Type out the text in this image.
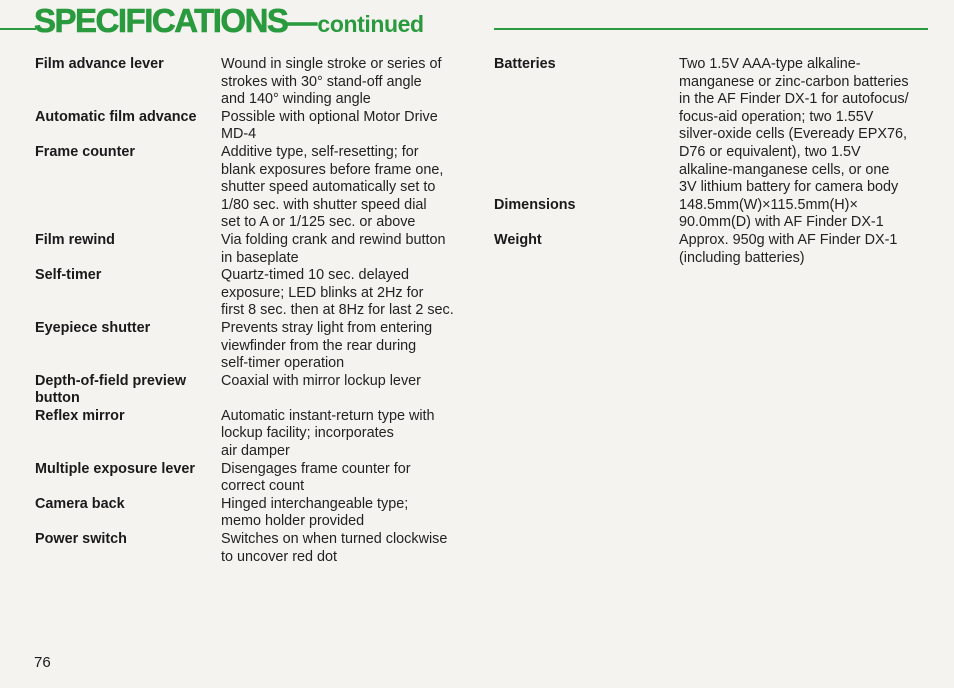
SPECIFICATIONS—continued
Film advance lever	Wound in single stroke or series of
strokes with 30° stand-off angle
and 140° winding angle
Automatic film advance	Possible with optional Motor Drive
MD-4
Frame counter	Additive type, self-resetting; for
blank exposures before frame one,
shutter speed automatically set to
1/80 sec. with shutter speed dial
set to A or 1/125 sec. or above
Film rewind	Via folding crank and rewind button
in baseplate
Self-timer	Quartz-timed 10 sec. delayed
exposure; LED blinks at 2Hz for
first 8 sec. then at 8Hz for last 2 sec.
Eyepiece shutter	Prevents stray light from entering
viewfinder from the rear during
self-timer operation
Depth-of-field preview
button
Coaxial with mirror lockup lever
Reflex mirror	Automatic instant-return type with
lockup facility; incorporates
air damper
Multiple exposure lever	Disengages frame counter for
correct count
Camera back	Hinged interchangeable type;
memo holder provided
Power switch	Switches on when turned clockwise
to uncover red dot
Batteries	Two 1.5V AAA-type alkaline-
manganese or zinc-carbon batteries
in the AF Finder DX-1 for autofocus/
focus-aid operation; two 1.55V
silver-oxide cells (Eveready EPX76,
D76 or equivalent), two 1.5V
alkaline-manganese cells, or one
3V lithium battery for camera body
Dimensions	148.5mm(W)×115.5mm(H)×
90.0mm(D) with AF Finder DX-1
Weight	Approx. 950g with AF Finder DX-1
(including batteries)
76
